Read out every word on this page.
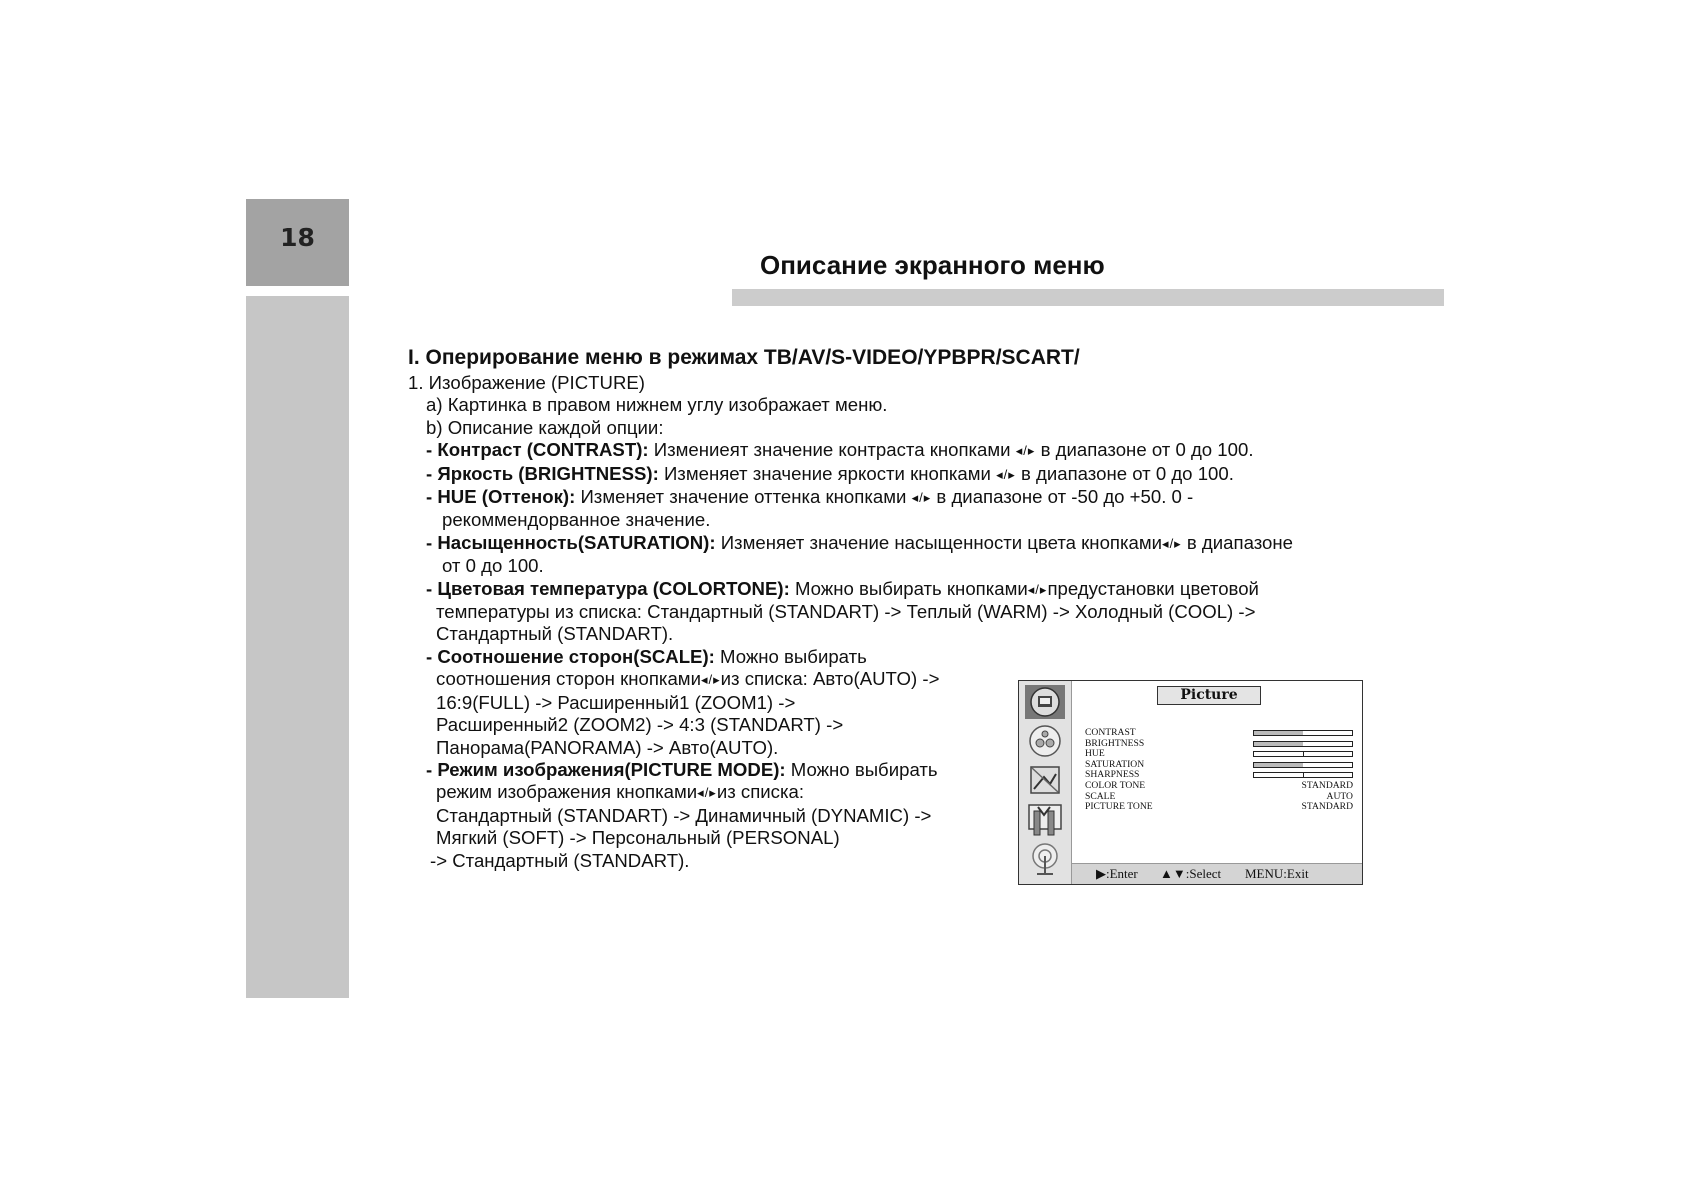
18
Описание экранного меню
I. Оперирование меню в режимах ТВ/AV/S-VIDEO/YPBPR/SCART/
1. Изображение (PICTURE)
a) Картинка в правом нижнем углу изображает меню.
b) Описание каждой опции:
- Контраст (CONTRAST): Измениeят значение контраста кнопками ◂/▸ в диапазоне от 0 до 100.
- Яркость (BRIGHTNESS): Изменяет значение яркости кнопками ◂/▸ в диапазоне от 0 до 100.
- HUE (Оттенок): Изменяет значение оттенка кнопками ◂/▸ в диапазоне от -50 до +50. 0 -
рекоммендорванное значение.
- Насыщенность(SATURATION): Изменяет значение насыщенности цвета кнопками◂/▸ в диапазоне
от 0 до 100.
- Цветовая температура (COLORTONE): Можно выбирать кнопками◂/▸предустановки цветовой
температуры из списка: Стандартный (STANDART) -> Теплый (WARM) -> Холодный (COOL) ->
Стандартный (STANDART).
- Соотношение сторон(SCALE): Можно выбирать
соотношения сторон кнопками◂/▸из списка: Авто(AUTO) ->
16:9(FULL) -> Расширенный1 (ZOOM1) ->
Расширенный2 (ZOOM2) -> 4:3 (STANDART) ->
Панорама(PANORAMA) -> Авто(AUTO).
- Режим изображения(PICTURE MODE): Можно выбирать
режим изображения кнопками◂/▸из списка:
Стандартный (STANDART) -> Динамичный (DYNAMIC) ->
Мягкий (SOFT) -> Персональный (PERSONAL)
-> Стандартный (STANDART).
Picture
CONTRAST
BRIGHTNESS
HUE
SATURATION
SHARPNESS
COLOR TONE	STANDARD
SCALE	AUTO
PICTURE TONE	STANDARD
▶:Enter ▲▼:Select MENU:Exit
